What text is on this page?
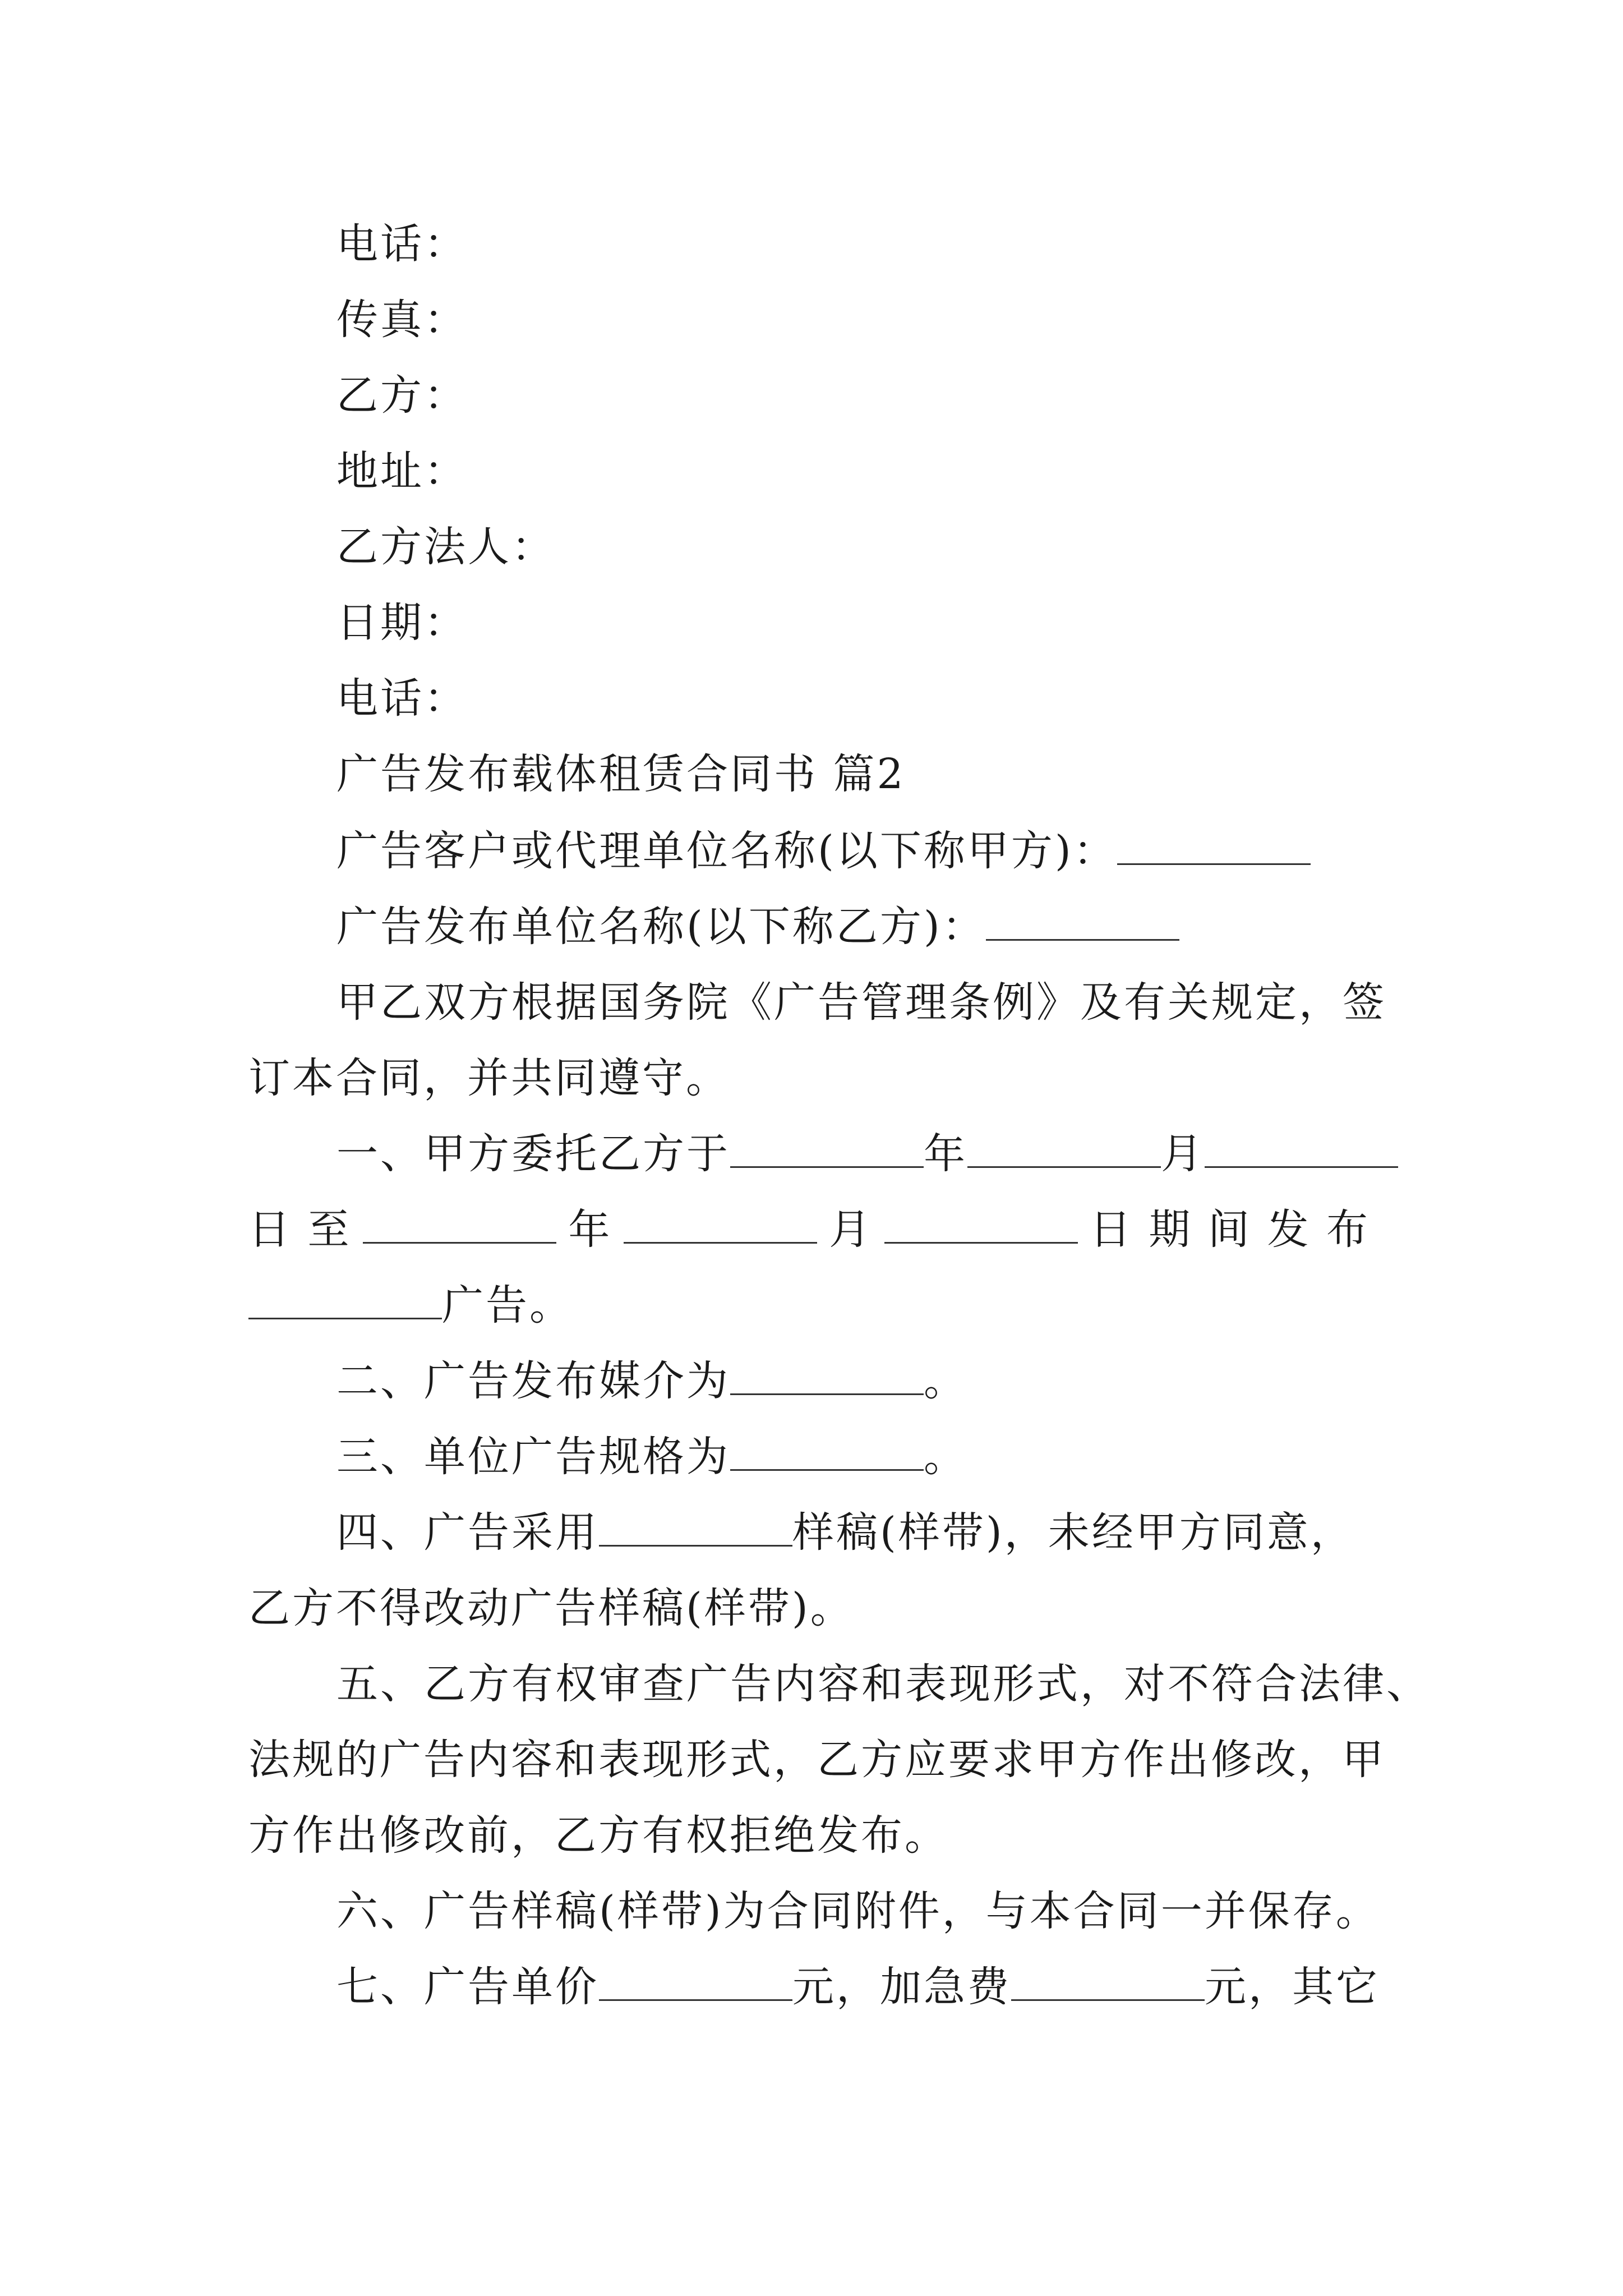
电话：
传真：
乙方：
地址：
乙方法人：
日期：
电话：
广告发布载体租赁合同书 篇2
广告客户或代理单位名称(以下称甲方)：
广告发布单位名称(以下称乙方)：
甲乙双方根据国务院《广告管理条例》及有关规定，签
订本合同，并共同遵守。
一、甲方委托乙方于	年	月
日 至	年	月	日 期 间 发 布
广告。
二、广告发布媒介为	。
三、单位广告规格为	。
四、广告采用	样稿(样带)，未经甲方同意，
乙方不得改动广告样稿(样带)。
五、乙方有权审查广告内容和表现形式，对不符合法律、
法规的广告内容和表现形式，乙方应要求甲方作出修改，甲
方作出修改前，乙方有权拒绝发布。
六、广告样稿(样带)为合同附件，与本合同一并保存。
七、广告单价	元，加急费	元，其它
